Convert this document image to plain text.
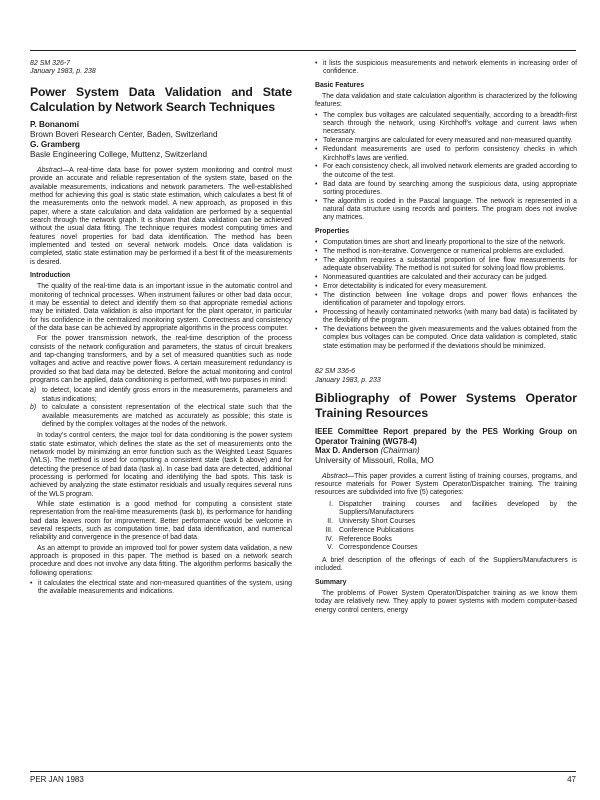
82 SM 326-7
January 1983, p. 238
Power System Data Validation and State Calculation by Network Search Techniques
P. Bonanomi
Brown Boveri Research Center, Baden, Switzerland
G. Gramberg
Basle Engineering College, Muttenz, Switzerland

Abstract—A real-time data base for power system monitoring and control must provide an accurate and reliable representation of the system state, based on the available measurements, indications and network parameters. The well-established method for achieving this goal is static state estimation, which calculates a best fit of the measurements onto the network model. A new approach, as proposed in this paper, where a state calculation and data validation are performed by a sequential search through the network graph. It is shown that data validation can be achieved without the usual data fitting. The technique requires modest computing times and features novel properties for bad data identification. The method has been implemented and tested on several network models. Once data validation is completed, static state estimation may be performed if a best fit of the measurements is desired.

Introduction

The quality of the real-time data is an important issue in the automatic control and monitoring of technical processes. When instrument failures or other bad data occur, it may be essential to detect and identify them so that appropriate remedial actions may be initiated. Data validation is also important for the plant operator, in particular for his confidence in the centralized monitoring system. Correctness and consistency of the data base can be achieved by appropriate algorithms in the process computer.

For the power transmission network, the real-time description of the process consists of the network configuration and parameters, the status of circuit breakers and tap-changing transformers, and by a set of measured quantities such as node voltages and active and reactive power flows. A certain measurement redundancy is provided so that bad data may be detected. Before the actual monitoring and control programs can be applied, data conditioning is performed, with two purposes in mind:

a) to detect, locate and identify gross errors in the measurements, parameters and status indications;
b) to calculate a consistent representation of the electrical state such that the available measurements are matched as accurately as possible; this state is defined by the complex voltages at the nodes of the network.

In today's control centers, the major tool for data conditioning is the power system static state estimator, which defines the state as the set of measurements onto the network model by minimizing an error function such as the Weighted Least Squares (WLS). The method is used for computing a consistent state (task b above) and for detecting the presence of bad data (task a). In case bad data are detected, additional processing is performed for locating and identifying the bad spots. This task is achieved by analyzing the state estimator residuals and usually requires several runs of the WLS program.

While state estimation is a good method for computing a consistent state representation from the real-time measurements (task b), its performance for handling bad data leaves room for improvement. Better performance would be welcome in several respects, such as computation time, bad data identification, and numerical reliability and convergence in the presence of bad data.

As an attempt to provide an improved tool for power system data validation, a new approach is proposed in this paper. The method is based on a network search procedure and does not involve any data fitting. The algorithm performs basically the following operations:

• it calculates the electrical state and non-measured quantities of the system, using the available measurements and indications.
• it lists the suspicious measurements and network elements in increasing order of confidence.
Basic Features

The data validation and state calculation algorithm is characterized by the following features:

• The complex bus voltages are calculated sequentially, according to a breadth-first search through the network, using Kirchhoff's voltage and current laws when necessary.
• Tolerance margins are calculated for every measured and non-measured quantity.
• Redundant measurements are used to perform consistency checks in which Kirchhoff's laws are verified.
• For each consistency check, all involved network elements are graded according to the outcome of the test.
• Bad data are found by searching among the suspicious data, using appropriate sorting procedures.
• The algorithm is coded in the Pascal language. The network is represented in a natural data structure using records and pointers. The program does not involve any matrices.
Properties
• Computation times are short and linearly proportional to the size of the network.
• The method is non-iterative. Convergence or numerical problems are excluded.
• The algorithm requires a substantial proportion of line flow measurements for adequate observability. The method is not suited for solving load flow problems.
• Nonmeasured quantities are calculated and their accuracy can be judged.
• Error detectability is indicated for every measurement.
• The distinction between line voltage drops and power flows enhances the identification of parameter and topology errors.
• Processing of heavily contaminated networks (with many bad data) is facilitated by the flexibility of the program.
• The deviations between the given measurements and the values obtained from the complex bus voltages can be computed. Once data validation is completed, static state estimation may be performed if the deviations should be minimized.
82 SM 336-6
January 1983, p. 233
Bibliography of Power Systems Operator Training Resources
IEEE Committee Report prepared by the PES Working Group on Operator Training (WG78-4)
Max D. Anderson (Chairman)
University of Missouri, Rolla, MO

Abstract—This paper provides a current listing of training courses, programs, and resource materials for Power System Operator/Dispatcher training. The training resources are subdivided into five (5) categories:

I. Dispatcher training courses and facilities developed by the Suppliers/Manufacturers
II. University Short Courses
III. Conference Publications
IV. Reference Books
V. Correspondence Courses

A brief description of the offerings of each of the Suppliers/Manufacturers is included.

Summary

The problems of Power System Operator/Dispatcher training as we know them today are relatively new. They apply to power systems with modern computer-based energy control centers, energy

PER JAN 1983	47
